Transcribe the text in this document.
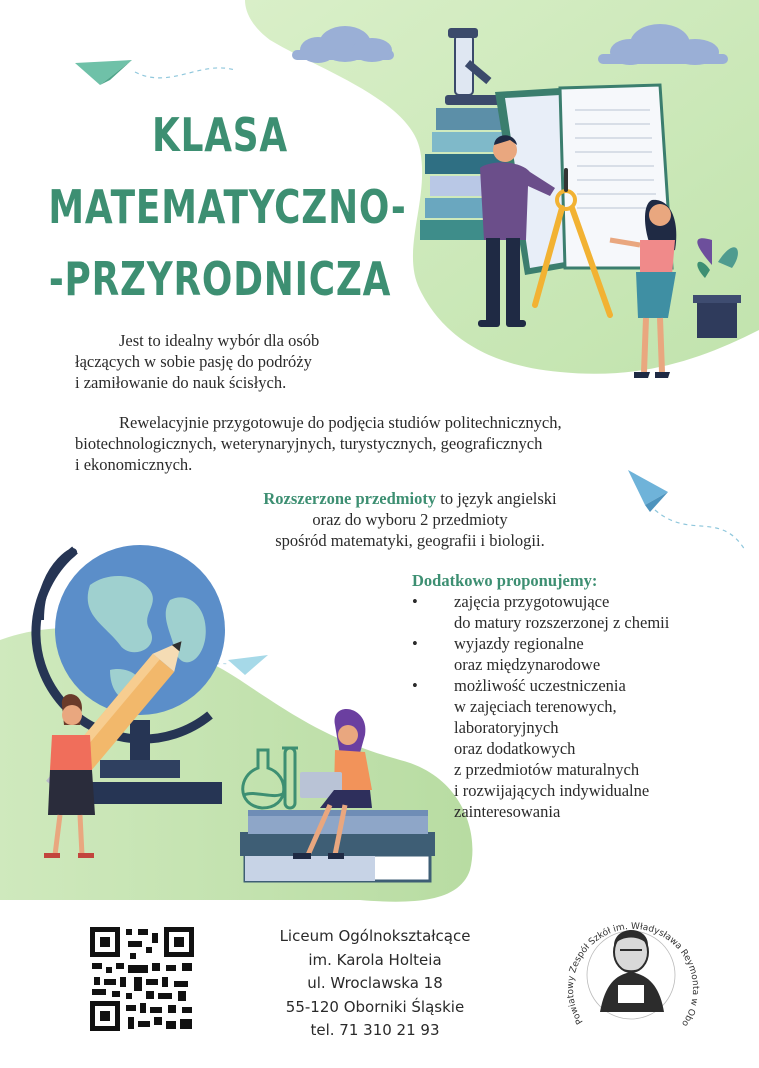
Powiatowy Zespół Szkół im. Władysława Reymonta w Obo
KLASA
MATEMATYCZNO-
-PRZYRODNICZA
Jest to idealny wybór dla osób
łączących w sobie pasję do podróży
i zamiłowanie do nauk ścisłych.
Rewelacyjnie przygotowuje do podjęcia studiów politechnicznych,
biotechnologicznych, weterynaryjnych, turystycznych, geograficznych
i ekonomicznych.
Rozszerzone przedmioty to język angielski
oraz do wyboru 2 przedmioty
spośród matematyki, geografii i biologii.
Dodatkowo proponujemy:
• zajęcia przygotowujące
do matury rozszerzonej z chemii
• wyjazdy regionalne
oraz międzynarodowe
• możliwość uczestniczenia
w zajęciach terenowych,
laboratoryjnych
oraz dodatkowych
z przedmiotów maturalnych
i rozwijających indywidualne
zainteresowania
Liceum Ogólnokształcące
im. Karola Holteia
ul. Wroclawska 18
55-120 Oborniki Śląskie
tel. 71 310 21 93
